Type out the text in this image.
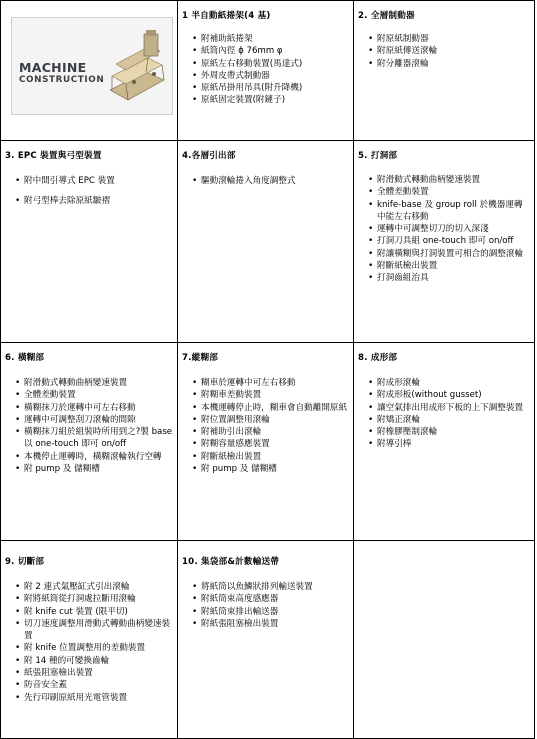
MACHINE
CONSTRUCTION
1 半自動紙捲架(4 基)
• 附補助紙捲架
• 紙筒內徑 ϕ 76mm φ
• 原紙左右移動裝置(馬達式)
• 外周皮帶式制動器
• 原紙吊掛用吊具(附升降機)
• 原紙固定裝置(附鏈子)
2. 全層制動器
• 附原紙制動器
• 附原紙傳送滾輪
• 附分離器滾輪
3. EPC 裝置與弓型裝置
• 附中間引導式 EPC 裝置
• 附弓型棒去除原紙皺褶
4.各層引出部
• 驅動滾輪捲入角度調整式
5. 打洞部
• 附滑動式轉動曲柄變速裝置
• 全體差動裝置
• knife-base 及 group roll 於機器運轉中能左右移動
• 運轉中可調整切刀的切入深淺
• 打洞刀具組 one-touch 即可 on/off
• 附讓橫糊與打洞裝置可相合的調整滾輪
• 附斷紙檢出裝置
• 打洞齒組治具
6. 橫糊部
• 附滑動式轉動曲柄變速裝置
• 全體差動裝置
• 橫糊抹刀於運轉中可左右移動
• 運轉中可調整刮刀滾輪的間隙
• 橫糊抹刀組於組裝時所用到之?製 base 以 one-touch 即可 on/off
• 本機停止運轉時，橫糊滾輪執行空轉
• 附 pump 及 儲糊槽
7.縱糊部
• 糊車於運轉中可左右移動
• 附糊車差動裝置
• 本機運轉停止時，糊車會自動離開原紙
• 附位置調整用滾輪
• 附補助引出滾輪
• 附糊容量感應裝置
• 附斷紙檢出裝置
• 附 pump 及 儲糊槽
8. 成形部
• 附成形滾輪
• 附成形板(without gusset)
• 讓空氣排出用成形下板的上下調整裝置
• 附矯正滾輪
• 附橡膠壓制滾輪
• 附導引棒
9. 切斷部
• 附 2 連式氣壓缸式引出滾輪
• 附將紙筒從打洞處拉斷用滾輪
• 附 knife cut 裝置 (限平切)
• 切刀速度調整用滑動式轉動曲柄變速裝置
• 附 knife 位置調整用的差動裝置
• 附 14 種的可變換齒輪
• 紙張阻塞檢出裝置
• 防音安全蓋
• 先行印刷原紙用光電管裝置
10. 集袋部&計數輸送帶
• 將紙筒以魚鱗狀排列輸送裝置
• 附紙筒束高度感應器
• 附紙筒束排出輸送器
• 附紙張阻塞檢出裝置
